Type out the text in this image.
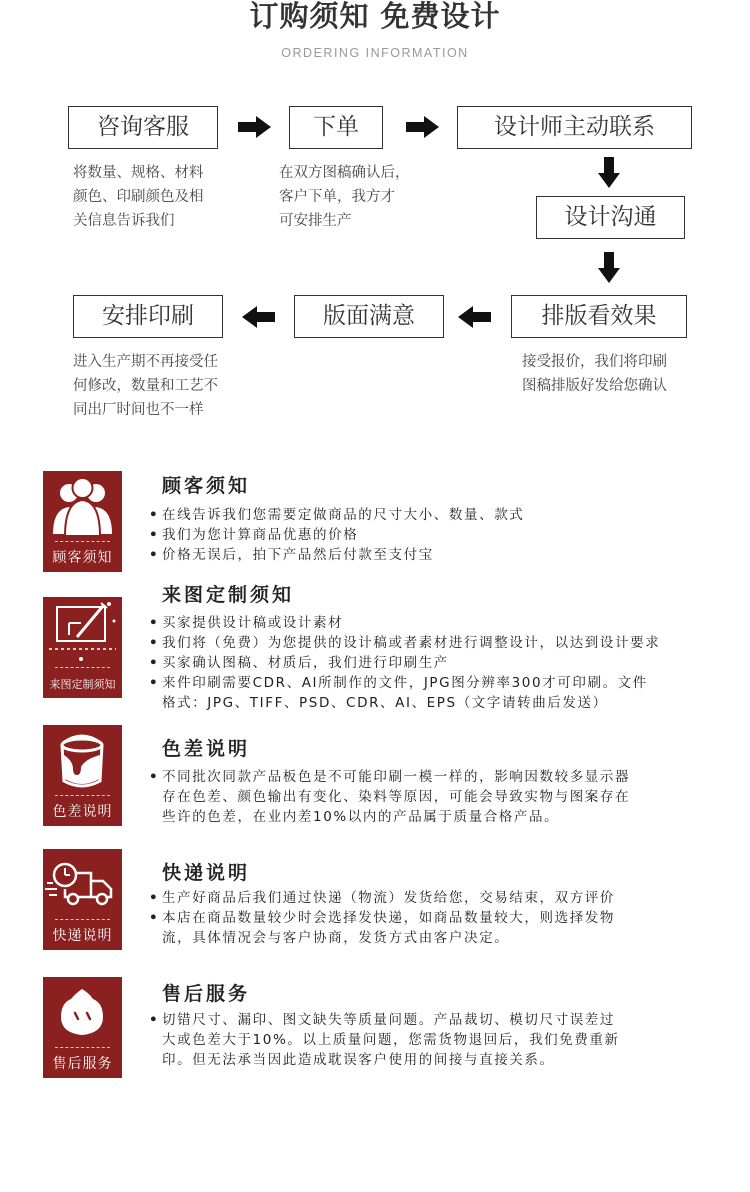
订购须知 免费设计
ORDERING INFORMATION
咨询客服	下单	设计师主动联系
设计沟通
排版看效果
版面满意
安排印刷
将数量、规格、材料
颜色、印刷颜色及相
关信息告诉我们
在双方图稿确认后，
客户下单，我方才
可安排生产
接受报价，我们将印刷
图稿排版好发给您确认
进入生产期不再接受任
何修改，数量和工艺不
同出厂时间也不一样
顾客须知
顾客须知
• 在线告诉我们您需要定做商品的尺寸大小、数量、款式
• 我们为您计算商品优惠的价格
• 价格无误后，拍下产品然后付款至支付宝
来图定制须知
来图定制须知
• 买家提供设计稿或设计素材
• 我们将（免费）为您提供的设计稿或者素材进行调整设计，以达到设计要求
• 买家确认图稿、材质后，我们进行印刷生产
• 来件印刷需要CDR、AI所制作的文件，JPG图分辨率300才可印刷。文件
格式：JPG、TIFF、PSD、CDR、AI、EPS（文字请转曲后发送）
色差说明
色差说明
• 不同批次同款产品板色是不可能印刷一模一样的，影响因数较多显示器
存在色差、颜色输出有变化、染料等原因，可能会导致实物与图案存在
些许的色差，在业内差10%以内的产品属于质量合格产品。
快递说明
快递说明
• 生产好商品后我们通过快递（物流）发货给您，交易结束，双方评价
• 本店在商品数量较少时会选择发快递，如商品数量较大，则选择发物
流，具体情况会与客户协商，发货方式由客户决定。
售后服务
售后服务
• 切错尺寸、漏印、图文缺失等质量问题。产品裁切、模切尺寸误差过
大或色差大于10%。以上质量问题，您需货物退回后，我们免费重新
印。但无法承当因此造成耽误客户使用的间接与直接关系。
